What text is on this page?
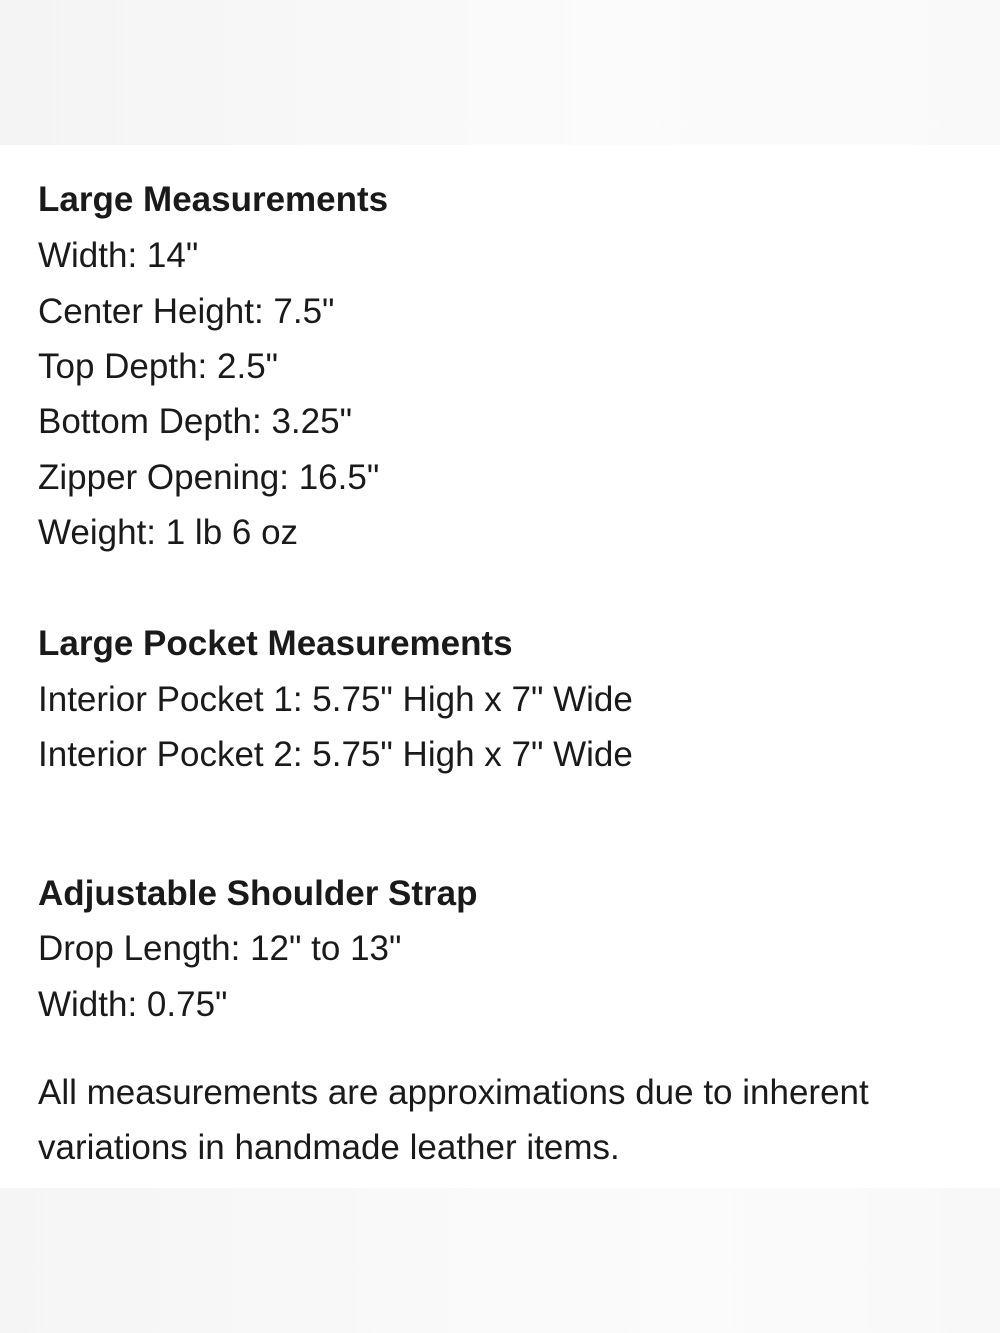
Large Measurements
Width: 14"
Center Height: 7.5"
Top Depth: 2.5"
Bottom Depth: 3.25"
Zipper Opening: 16.5"
Weight: 1 lb 6 oz
Large Pocket Measurements
Interior Pocket 1: 5.75" High x 7" Wide
Interior Pocket 2: 5.75" High x 7" Wide
Adjustable Shoulder Strap
Drop Length: 12" to 13"
Width: 0.75"
All measurements are approximations due to inherent variations in handmade leather items.
